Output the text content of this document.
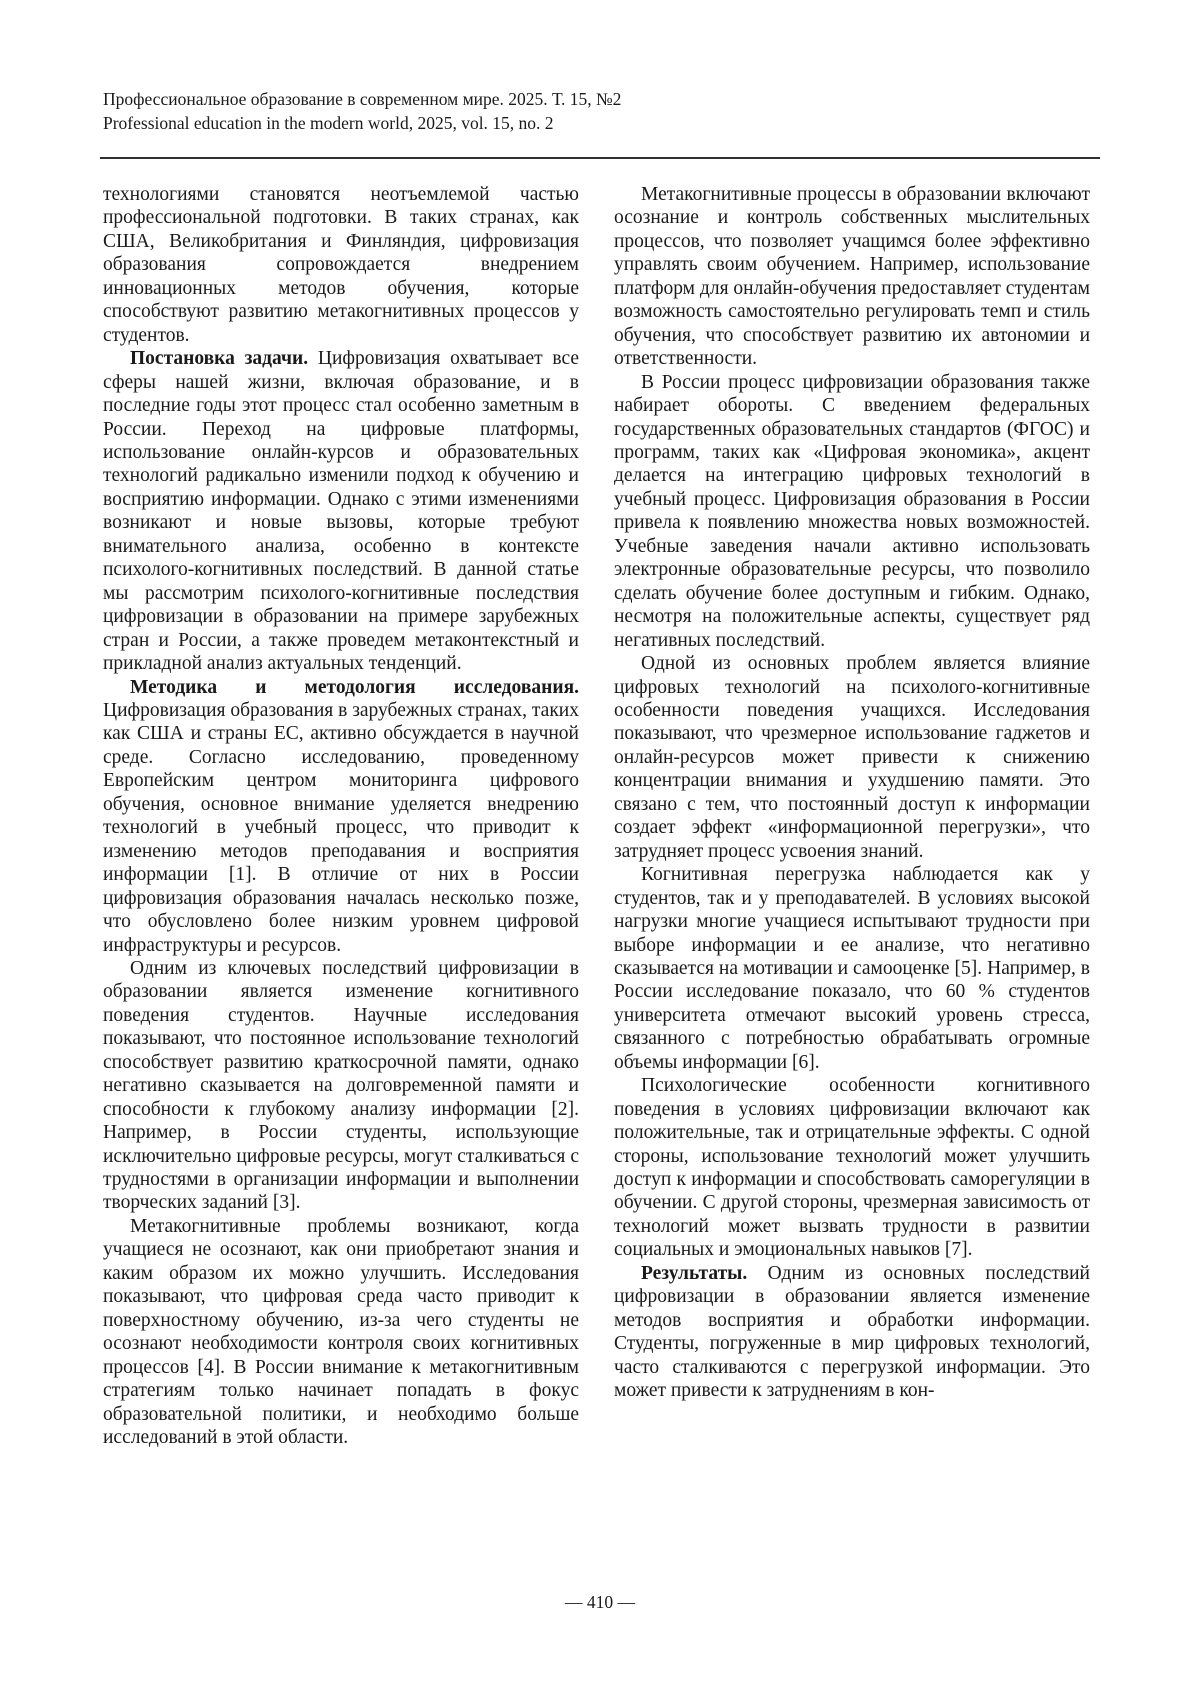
Профессиональное образование в современном мире. 2025. Т. 15, №2
Professional education in the modern world, 2025, vol. 15, no. 2

технологиями становятся неотъемлемой частью профессиональной подготовки. В таких странах, как США, Великобритания и Финляндия, цифровизация образования сопровождается внедрением инновационных методов обучения, которые способствуют развитию метакогнитивных процессов у студентов.

Постановка задачи. Цифровизация охватывает все сферы нашей жизни, включая образование, и в последние годы этот процесс стал особенно заметным в России. Переход на цифровые платформы, использование онлайн-курсов и образовательных технологий радикально изменили подход к обучению и восприятию информации. Однако с этими изменениями возникают и новые вызовы, которые требуют внимательного анализа, особенно в контексте психолого-когнитивных последствий. В данной статье мы рассмотрим психолого-когнитивные последствия цифровизации в образовании на примере зарубежных стран и России, а также проведем метаконтекстный и прикладной анализ актуальных тенденций.

Методика и методология исследования. Цифровизация образования в зарубежных странах, таких как США и страны ЕС, активно обсуждается в научной среде. Согласно исследованию, проведенному Европейским центром мониторинга цифрового обучения, основное внимание уделяется внедрению технологий в учебный процесс, что приводит к изменению методов преподавания и восприятия информации [1]. В отличие от них в России цифровизация образования началась несколько позже, что обусловлено более низким уровнем цифровой инфраструктуры и ресурсов.

Одним из ключевых последствий цифровизации в образовании является изменение когнитивного поведения студентов. Научные исследования показывают, что постоянное использование технологий способствует развитию краткосрочной памяти, однако негативно сказывается на долговременной памяти и способности к глубокому анализу информации [2]. Например, в России студенты, использующие исключительно цифровые ресурсы, могут сталкиваться с трудностями в организации информации и выполнении творческих заданий [3].

Метакогнитивные проблемы возникают, когда учащиеся не осознают, как они приобретают знания и каким образом их можно улучшить. Исследования показывают, что цифровая среда часто приводит к поверхностному обучению, из-за чего студенты не осознают необходимости контроля своих когнитивных процессов [4]. В России внимание к метакогнитивным стратегиям только начинает попадать в фокус образовательной политики, и необходимо больше исследований в этой области.

Метакогнитивные процессы в образовании включают осознание и контроль собственных мыслительных процессов, что позволяет учащимся более эффективно управлять своим обучением. Например, использование платформ для онлайн-обучения предоставляет студентам возможность самостоятельно регулировать темп и стиль обучения, что способствует развитию их автономии и ответственности.

В России процесс цифровизации образования также набирает обороты. С введением федеральных государственных образовательных стандартов (ФГОС) и программ, таких как «Цифровая экономика», акцент делается на интеграцию цифровых технологий в учебный процесс. Цифровизация образования в России привела к появлению множества новых возможностей. Учебные заведения начали активно использовать электронные образовательные ресурсы, что позволило сделать обучение более доступным и гибким. Однако, несмотря на положительные аспекты, существует ряд негативных последствий.

Одной из основных проблем является влияние цифровых технологий на психолого-когнитивные особенности поведения учащихся. Исследования показывают, что чрезмерное использование гаджетов и онлайн-ресурсов может привести к снижению концентрации внимания и ухудшению памяти. Это связано с тем, что постоянный доступ к информации создает эффект «информационной перегрузки», что затрудняет процесс усвоения знаний.

Когнитивная перегрузка наблюдается как у студентов, так и у преподавателей. В условиях высокой нагрузки многие учащиеся испытывают трудности при выборе информации и ее анализе, что негативно сказывается на мотивации и самооценке [5]. Например, в России исследование показало, что 60 % студентов университета отмечают высокий уровень стресса, связанного с потребностью обрабатывать огромные объемы информации [6].

Психологические особенности когнитивного поведения в условиях цифровизации включают как положительные, так и отрицательные эффекты. С одной стороны, использование технологий может улучшить доступ к информации и способствовать саморегуляции в обучении. С другой стороны, чрезмерная зависимость от технологий может вызвать трудности в развитии социальных и эмоциональных навыков [7].

Результаты. Одним из основных последствий цифровизации в образовании является изменение методов восприятия и обработки информации. Студенты, погруженные в мир цифровых технологий, часто сталкиваются с перегрузкой информации. Это может привести к затруднениям в кон-

— 410 —
